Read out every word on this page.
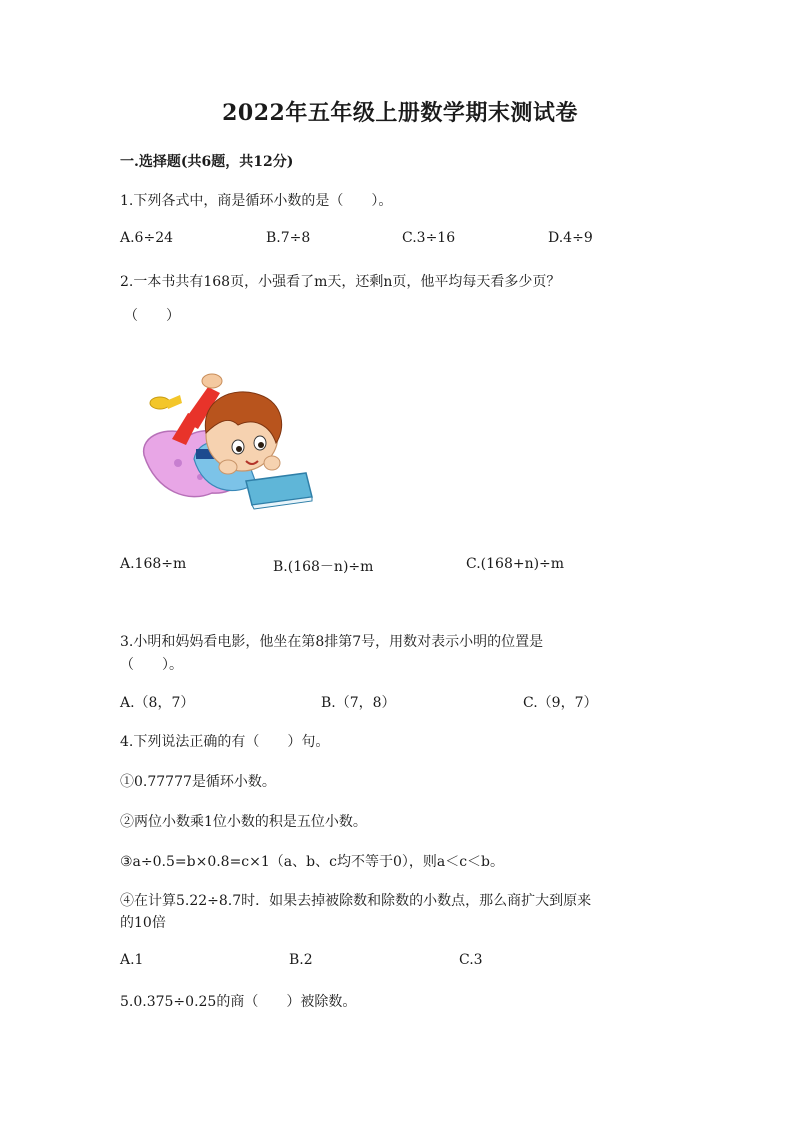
2022年五年级上册数学期末测试卷
一.选择题(共6题，共12分)
1.下列各式中，商是循环小数的是（　　）。
A.6÷24	B.7÷8	C.3÷16	D.4÷9
2.一本书共有168页，小强看了m天，还剩n页，他平均每天看多少页？
（　　）
A.168÷m	B.(168－n)÷m	C.(168+n)÷m
3.小明和妈妈看电影，他坐在第8排第7号，用数对表示小明的位置是
（　　）。
A.（8，7）	B.（7，8）	C.（9，7）
4.下列说法正确的有（　　）句。
①0.77777是循环小数。
②两位小数乘1位小数的积是五位小数。
③a÷0.5=b×0.8=c×1（a、b、c均不等于0），则a＜c＜b。
④在计算5.22÷8.7时．如果去掉被除数和除数的小数点，那么商扩大到原来
的10倍
A.1	B.2	C.3
5.0.375÷0.25的商（　　）被除数。
